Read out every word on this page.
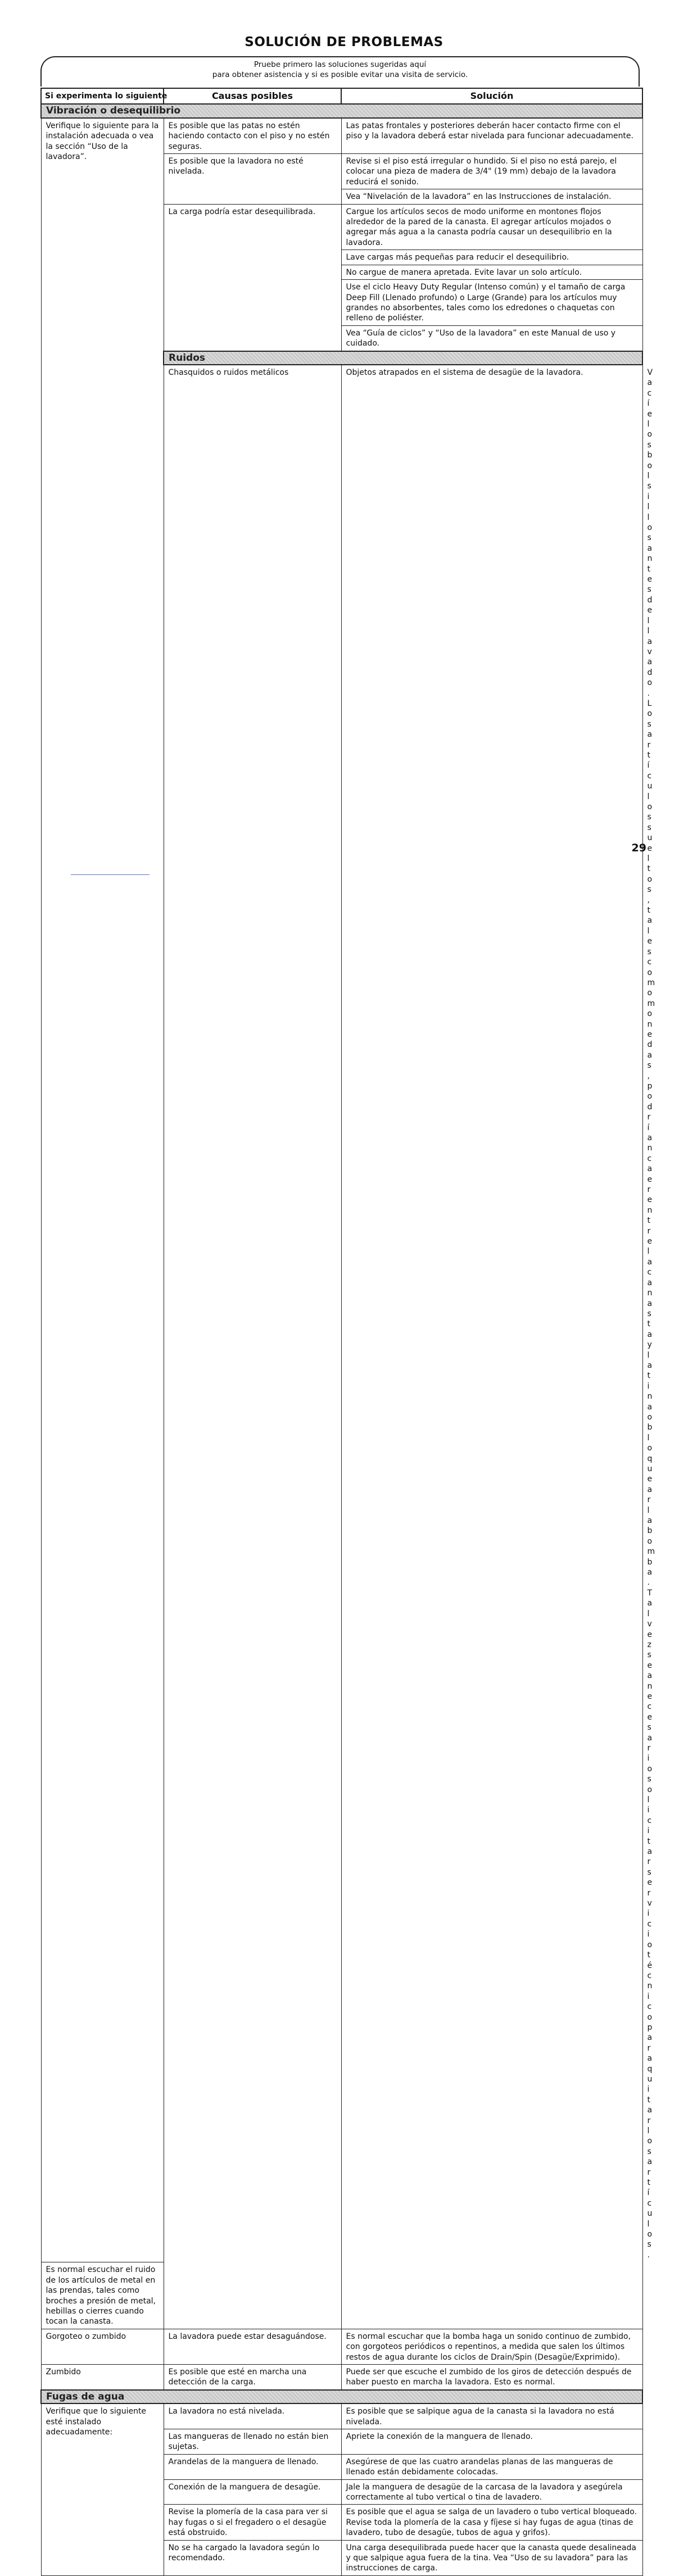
SOLUCIÓN DE PROBLEMAS
Pruebe primero las soluciones sugeridas aquí
para obtener asistencia y si es posible evitar una visita de servicio.
Si experimenta lo siguiente	Causas posibles	Solución	
Vibración o desequilibrio			
Verifique lo siguiente para la instalación adecuada o vea la sección “Uso de la lavadora”.	Es posible que las patas no estén haciendo contacto con el piso y no estén seguras.	Las patas frontales y posteriores deberán hacer contacto firme con el piso y la lavadora deberá estar nivelada para funcionar adecuadamente.	
	Es posible que la lavadora no esté nivelada.	Revise si el piso está irregular o hundido. Si el piso no está parejo, el colocar una pieza de madera de 3/4" (19 mm) debajo de la lavadora reducirá el sonido.	
		Vea “Nivelación de la lavadora” en las Instrucciones de instalación.	
	La carga podría estar desequilibrada.	Cargue los artículos secos de modo uniforme en montones flojos alrededor de la pared de la canasta. El agregar artículos mojados o agregar más agua a la canasta podría causar un desequilibrio en la lavadora.	
		Lave cargas más pequeñas para reducir el desequilibrio.	
		No cargue de manera apretada. Evite lavar un solo artículo.	
		Use el ciclo Heavy Duty Regular (Intenso común) y el tamaño de carga Deep Fill (Llenado profundo) o Large (Grande) para los artículos muy grandes no absorbentes, tales como los edredones o chaquetas con relleno de poliéster.	
		Vea “Guía de ciclos” y “Uso de la lavadora” en este Manual de uso y cuidado.	
	Ruidos		
	Chasquidos o ruidos metálicos	Objetos atrapados en el sistema de desagüe de la lavadora.	Vacíe los bolsillos antes del lavado. Los artículos sueltos, tales como monedas, podrían caer entre la canasta y la tina o bloquear la bomba. Tal vez sea necesario solicitar servicio técnico para quitar los artículos.
Es normal escuchar el ruido de los artículos de metal en las prendas, tales como broches a presión de metal, hebillas o cierres cuando tocan la canasta.			
Gorgoteo o zumbido	La lavadora puede estar desaguándose.	Es normal escuchar que la bomba haga un sonido continuo de zumbido, con gorgoteos periódicos o repentinos, a medida que salen los últimos restos de agua durante los ciclos de Drain/Spin (Desagüe/Exprimido).	
Zumbido	Es posible que esté en marcha una detección de la carga.	Puede ser que escuche el zumbido de los giros de detección después de haber puesto en marcha la lavadora. Esto es normal.	
Fugas de agua			
Verifique que lo siguiente esté instalado adecuadamente:	La lavadora no está nivelada.	Es posible que se salpique agua de la canasta si la lavadora no está nivelada.	
	Las mangueras de llenado no están bien sujetas.	Apriete la conexión de la manguera de llenado.	
	Arandelas de la manguera de llenado.	Asegúrese de que las cuatro arandelas planas de las mangueras de llenado están debidamente colocadas.	
	Conexión de la manguera de desagüe.	Jale la manguera de desagüe de la carcasa de la lavadora y asegúrela correctamente al tubo vertical o tina de lavadero.	
	Revise la plomería de la casa para ver si hay fugas o si el fregadero o el desagüe está obstruido.	Es posible que el agua se salga de un lavadero o tubo vertical bloqueado. Revise toda la plomería de la casa y fíjese si hay fugas de agua (tinas de lavadero, tubo de desagüe, tubos de agua y grifos).	
	No se ha cargado la lavadora según lo recomendado.	Una carga desequilibrada puede hacer que la canasta quede desalineada y que salpique agua fuera de la tina. Vea “Uso de su lavadora” para las instrucciones de carga.	
29
